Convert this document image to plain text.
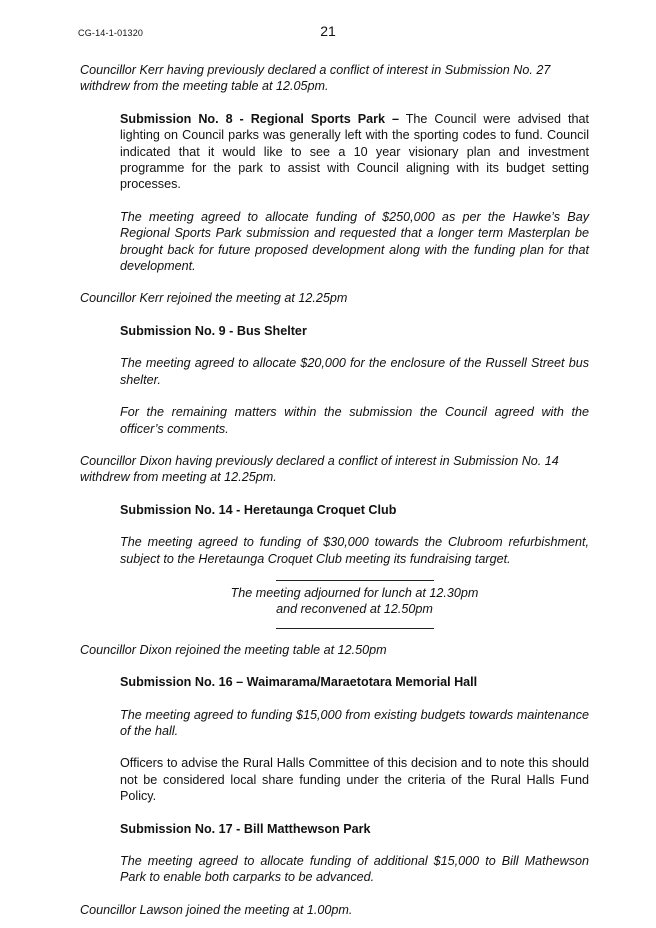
CG-14-1-01320	21

Councillor Kerr having previously declared a conflict of interest in Submission No. 27 withdrew from the meeting table at 12.05pm.

Submission No. 8 - Regional Sports Park – The Council were advised that lighting on Council parks was generally left with the sporting codes to fund. Council indicated that it would like to see a 10 year visionary plan and investment programme for the park to assist with Council aligning with its budget setting processes.

The meeting agreed to allocate funding of $250,000 as per the Hawke’s Bay Regional Sports Park submission and requested that a longer term Masterplan be brought back for future proposed development along with the funding plan for that development.

Councillor Kerr rejoined the meeting at 12.25pm

Submission No. 9 - Bus Shelter

The meeting agreed to allocate $20,000 for the enclosure of the Russell Street bus shelter.

For the remaining matters within the submission the Council agreed with the officer’s comments.

Councillor Dixon having previously declared a conflict of interest in Submission No. 14 withdrew from meeting at 12.25pm.

Submission No. 14 - Heretaunga Croquet Club

The meeting agreed to funding of $30,000 towards the Clubroom refurbishment, subject to the Heretaunga Croquet Club meeting its fundraising target.

The meeting adjourned for lunch at 12.30pm

and reconvened at 12.50pm

Councillor Dixon rejoined the meeting table at 12.50pm

Submission No. 16 – Waimarama/Maraetotara Memorial Hall

The meeting agreed to funding $15,000 from existing budgets towards maintenance of the hall.

Officers to advise the Rural Halls Committee of this decision and to note this should not be considered local share funding under the criteria of the Rural Halls Fund Policy.

Submission No. 17 - Bill Matthewson Park

The meeting agreed to allocate funding of additional $15,000 to Bill Mathewson Park to enable both carparks to be advanced.

Councillor Lawson joined the meeting at 1.00pm.
